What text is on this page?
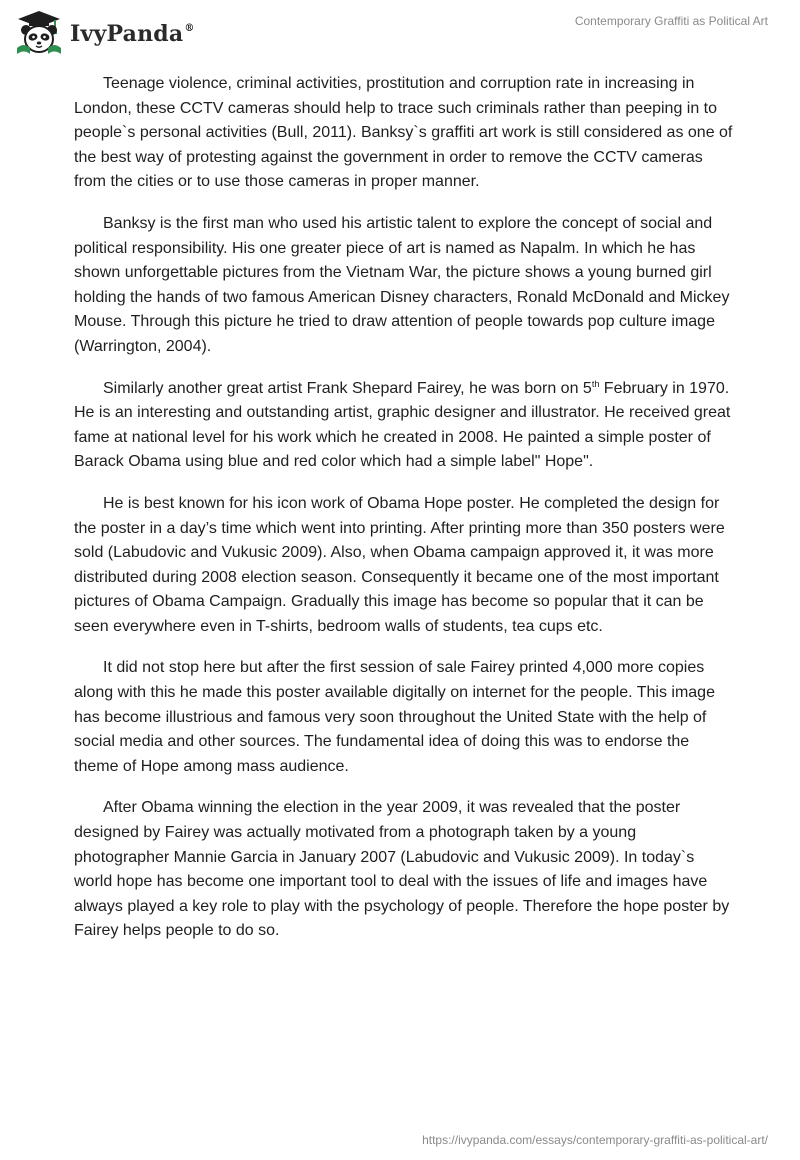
IvyPanda®
Contemporary Graffiti as Political Art

Teenage violence, criminal activities, prostitution and corruption rate in increasing in London, these CCTV cameras should help to trace such criminals rather than peeping in to people`s personal activities (Bull, 2011). Banksy`s graffiti art work is still considered as one of the best way of protesting against the government in order to remove the CCTV cameras from the cities or to use those cameras in proper manner.

Banksy is the first man who used his artistic talent to explore the concept of social and political responsibility. His one greater piece of art is named as Napalm. In which he has shown unforgettable pictures from the Vietnam War, the picture shows a young burned girl holding the hands of two famous American Disney characters, Ronald McDonald and Mickey Mouse. Through this picture he tried to draw attention of people towards pop culture image (Warrington, 2004).

Similarly another great artist Frank Shepard Fairey, he was born on 5th February in 1970. He is an interesting and outstanding artist, graphic designer and illustrator. He received great fame at national level for his work which he created in 2008. He painted a simple poster of Barack Obama using blue and red color which had a simple label" Hope".

He is best known for his icon work of Obama Hope poster. He completed the design for the poster in a day’s time which went into printing. After printing more than 350 posters were sold (Labudovic and Vukusic 2009). Also, when Obama campaign approved it, it was more distributed during 2008 election season. Consequently it became one of the most important pictures of Obama Campaign. Gradually this image has become so popular that it can be seen everywhere even in T-shirts, bedroom walls of students, tea cups etc.

It did not stop here but after the first session of sale Fairey printed 4,000 more copies along with this he made this poster available digitally on internet for the people. This image has become illustrious and famous very soon throughout the United State with the help of social media and other sources. The fundamental idea of doing this was to endorse the theme of Hope among mass audience.

After Obama winning the election in the year 2009, it was revealed that the poster designed by Fairey was actually motivated from a photograph taken by a young photographer Mannie Garcia in January 2007 (Labudovic and Vukusic 2009). In today`s world hope has become one important tool to deal with the issues of life and images have always played a key role to play with the psychology of people. Therefore the hope poster by Fairey helps people to do so.

https://ivypanda.com/essays/contemporary-graffiti-as-political-art/
